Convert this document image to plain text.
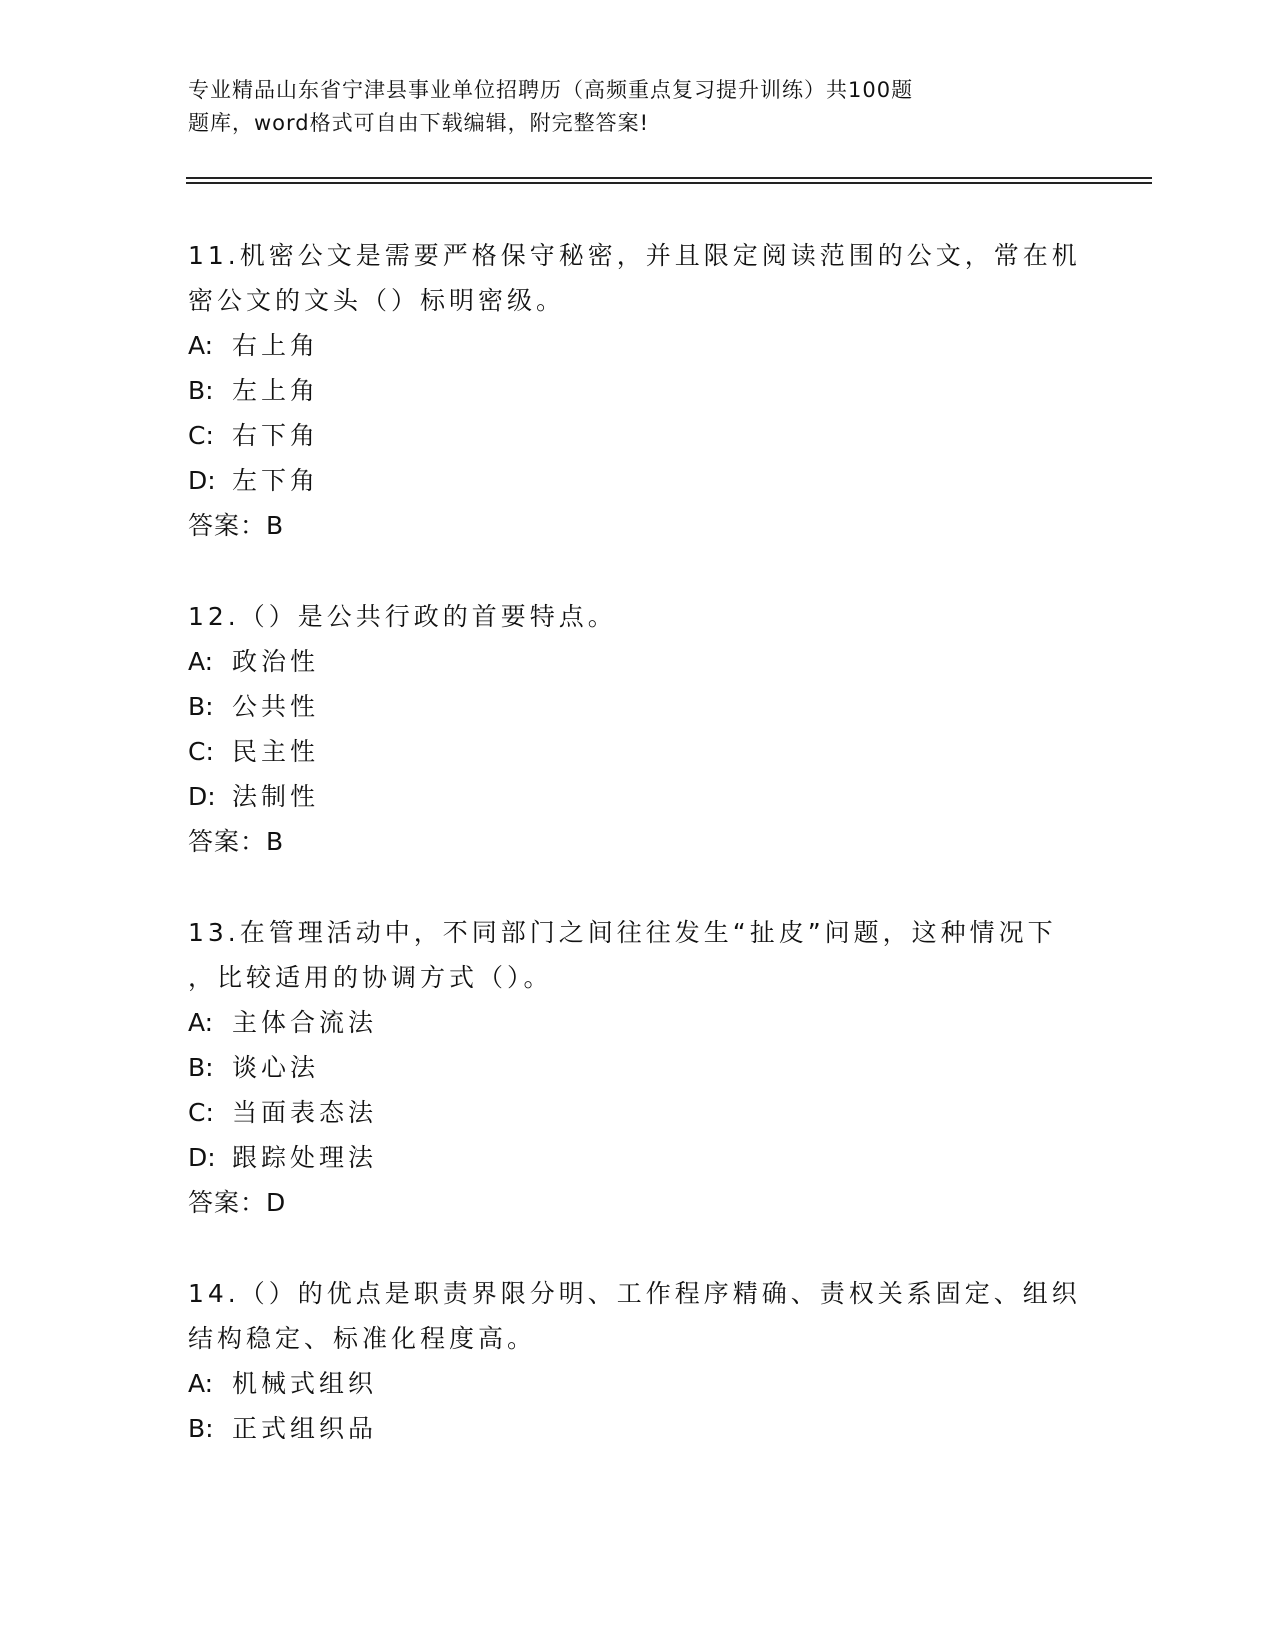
专业精品山东省宁津县事业单位招聘历（高频重点复习提升训练）共100题
题库，word格式可自由下载编辑，附完整答案!
11.机密公文是需要严格保守秘密，并且限定阅读范围的公文，常在机
密公文的文头（）标明密级。
A: 右上角
B: 左上角
C: 右下角
D: 左下角
答案：B
12.（）是公共行政的首要特点。
A: 政治性
B: 公共性
C: 民主性
D: 法制性
答案：B
13.在管理活动中，不同部门之间往往发生“扯皮”问题，这种情况下
，比较适用的协调方式（）。
A: 主体合流法
B: 谈心法
C: 当面表态法
D: 跟踪处理法
答案：D
14.（）的优点是职责界限分明、工作程序精确、责权关系固定、组织
结构稳定、标准化程度高。
A: 机械式组织
B: 正式组织品
